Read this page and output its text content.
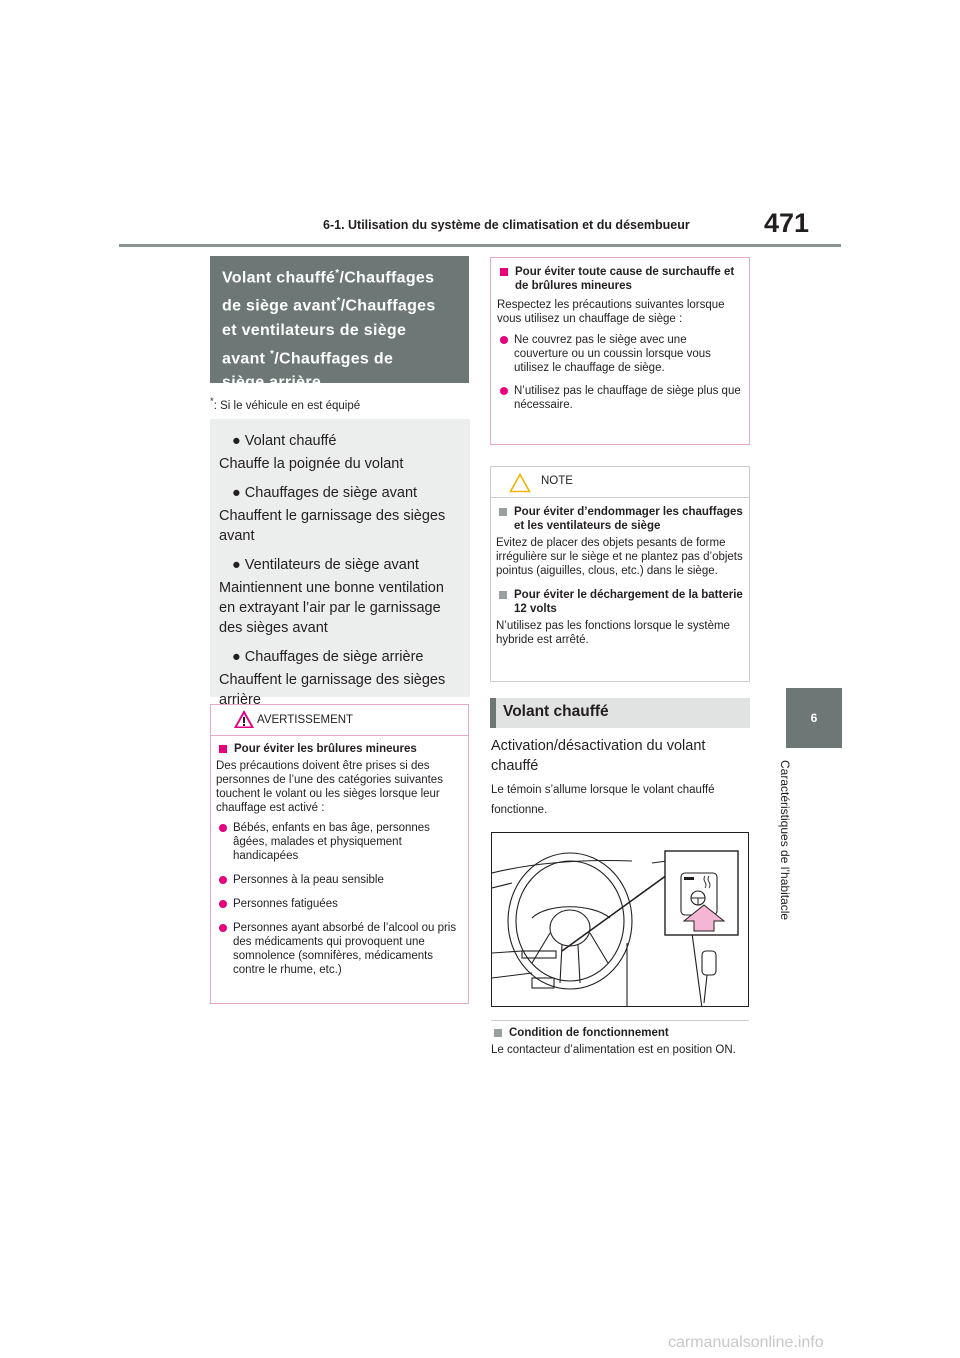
6-1. Utilisation du système de climatisation et du désembueur	471
6
Caractéristiques de l’habitacle
Volant chauffé*/Chauffages
de siège avant*/Chauffages
et ventilateurs de siège
avant */Chauffages de
siège arrière
*: Si le véhicule en est équipé
● Volant chauffé
Chauffe la poignée du volant
● Chauffages de siège avant
Chauffent le garnissage des sièges avant
● Ventilateurs de siège avant
Maintiennent une bonne ventilation en extrayant l’air par le garnissage des sièges avant
● Chauffages de siège arrière
Chauffent le garnissage des sièges arrière
AVERTISSEMENT
Pour éviter les brûlures mineures
Des précautions doivent être prises si des personnes de l’une des catégories suivantes touchent le volant ou les sièges lorsque leur chauffage est activé :
Bébés, enfants en bas âge, personnes âgées, malades et physiquement handicapées
Personnes à la peau sensible
Personnes fatiguées
Personnes ayant absorbé de l’alcool ou pris des médicaments qui provoquent une somnolence (somnifères, médicaments contre le rhume, etc.)
Pour éviter toute cause de surchauffe et de brûlures mineures
Respectez les précautions suivantes lorsque vous utilisez un chauffage de siège :
Ne couvrez pas le siège avec une couverture ou un coussin lorsque vous utilisez le chauffage de siège.
N’utilisez pas le chauffage de siège plus que nécessaire.
NOTE
Pour éviter d’endommager les chauffages et les ventilateurs de siège
Evitez de placer des objets pesants de forme irrégulière sur le siège et ne plantez pas d’objets pointus (aiguilles, clous, etc.) dans le siège.
Pour éviter le déchargement de la batterie 12 volts
N’utilisez pas les fonctions lorsque le système hybride est arrêté.
Volant chauffé
Activation/désactivation du volant chauffé
Le témoin s’allume lorsque le volant chauffé fonctionne.
Condition de fonctionnement
Le contacteur d’alimentation est en position ON.
carmanualsonline.info
